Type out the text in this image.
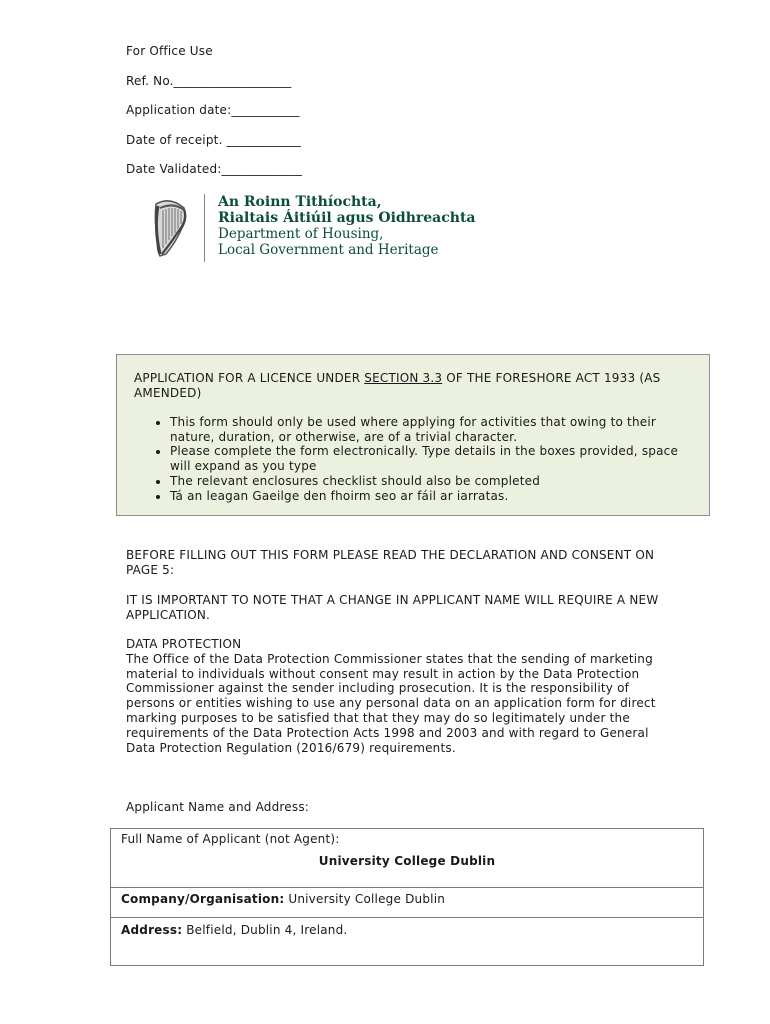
For Office Use
Ref. No.___________________
Application date:___________
Date of receipt. ____________
Date Validated:_____________
An Roinn Tithíochta,
Rialtais Áitiúil agus Oidhreachta
Department of Housing,
Local Government and Heritage
APPLICATION FOR A LICENCE UNDER SECTION 3.3 OF THE FORESHORE ACT 1933 (AS AMENDED)
• This form should only be used where applying for activities that owing to their nature, duration, or otherwise, are of a trivial character.
• Please complete the form electronically. Type details in the boxes provided, space will expand as you type
• The relevant enclosures checklist should also be completed
• Tá an leagan Gaeilge den fhoirm seo ar fáil ar iarratas.
BEFORE FILLING OUT THIS FORM PLEASE READ THE DECLARATION AND CONSENT ON PAGE 5:
IT IS IMPORTANT TO NOTE THAT A CHANGE IN APPLICANT NAME WILL REQUIRE A NEW APPLICATION.
DATA PROTECTION
The Office of the Data Protection Commissioner states that the sending of marketing material to individuals without consent may result in action by the Data Protection Commissioner against the sender including prosecution. It is the responsibility of persons or entities wishing to use any personal data on an application form for direct marking purposes to be satisfied that that they may do so legitimately under the requirements of the Data Protection Acts 1998 and 2003 and with regard to General Data Protection Regulation (2016/679) requirements.
Applicant Name and Address:
Full Name of Applicant (not Agent):
University College Dublin
Company/Organisation: University College Dublin
Address: Belfield, Dublin 4, Ireland.
